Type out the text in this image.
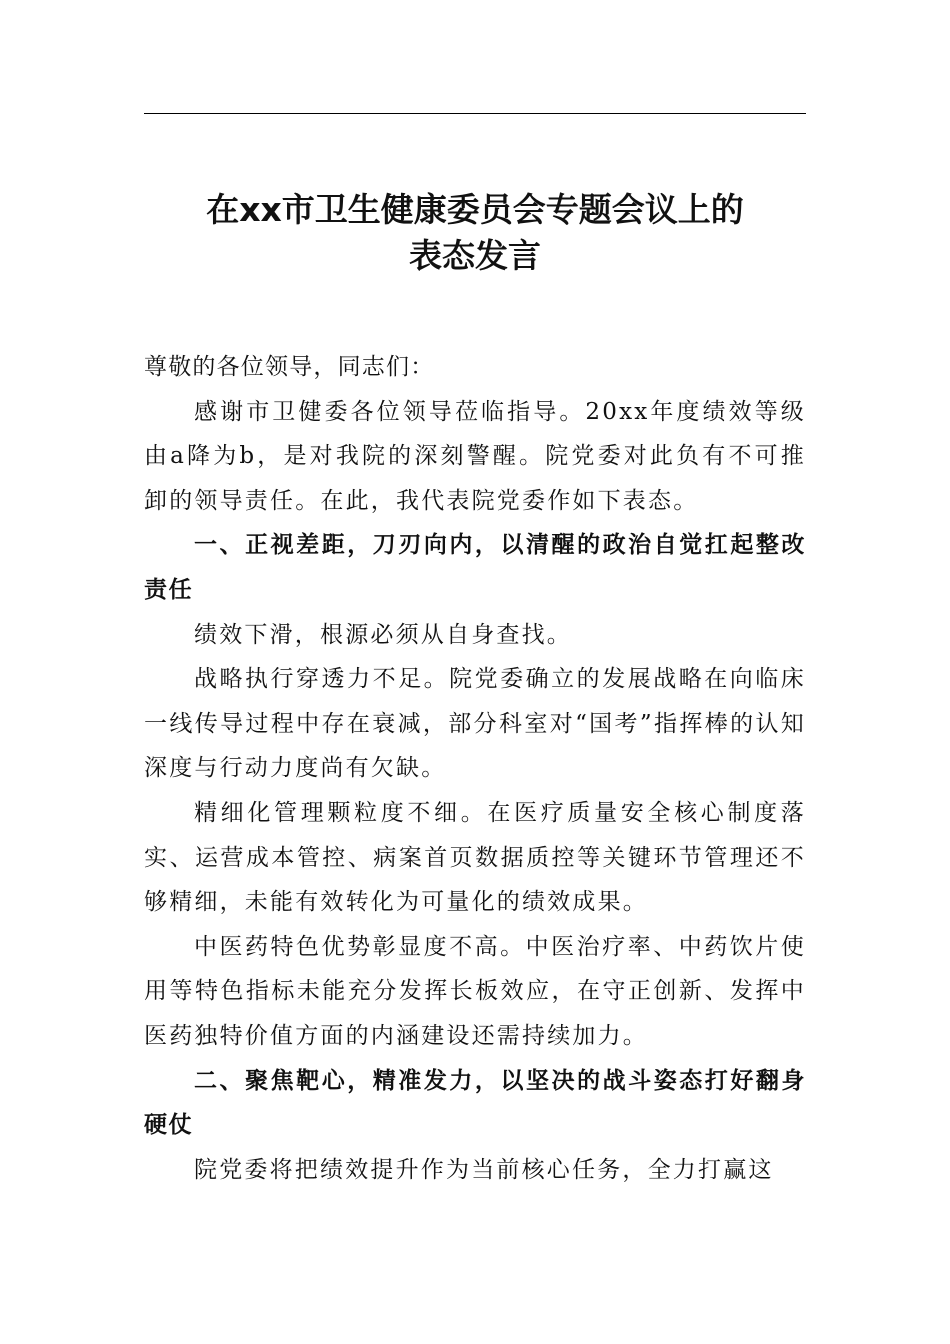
在xx市卫生健康委员会专题会议上的
表态发言

尊敬的各位领导，同志们：

感谢市卫健委各位领导莅临指导。20xx年度绩效等级由a降为b，是对我院的深刻警醒。院党委对此负有不可推卸的领导责任。在此，我代表院党委作如下表态。

一、正视差距，刀刃向内，以清醒的政治自觉扛起整改责任

绩效下滑，根源必须从自身查找。

战略执行穿透力不足。院党委确立的发展战略在向临床一线传导过程中存在衰减，部分科室对“国考”指挥棒的认知深度与行动力度尚有欠缺。

精细化管理颗粒度不细。在医疗质量安全核心制度落实、运营成本管控、病案首页数据质控等关键环节管理还不够精细，未能有效转化为可量化的绩效成果。

中医药特色优势彰显度不高。中医治疗率、中药饮片使用等特色指标未能充分发挥长板效应，在守正创新、发挥中医药独特价值方面的内涵建设还需持续加力。

二、聚焦靶心，精准发力，以坚决的战斗姿态打好翻身硬仗

院党委将把绩效提升作为当前核心任务，全力打赢这
